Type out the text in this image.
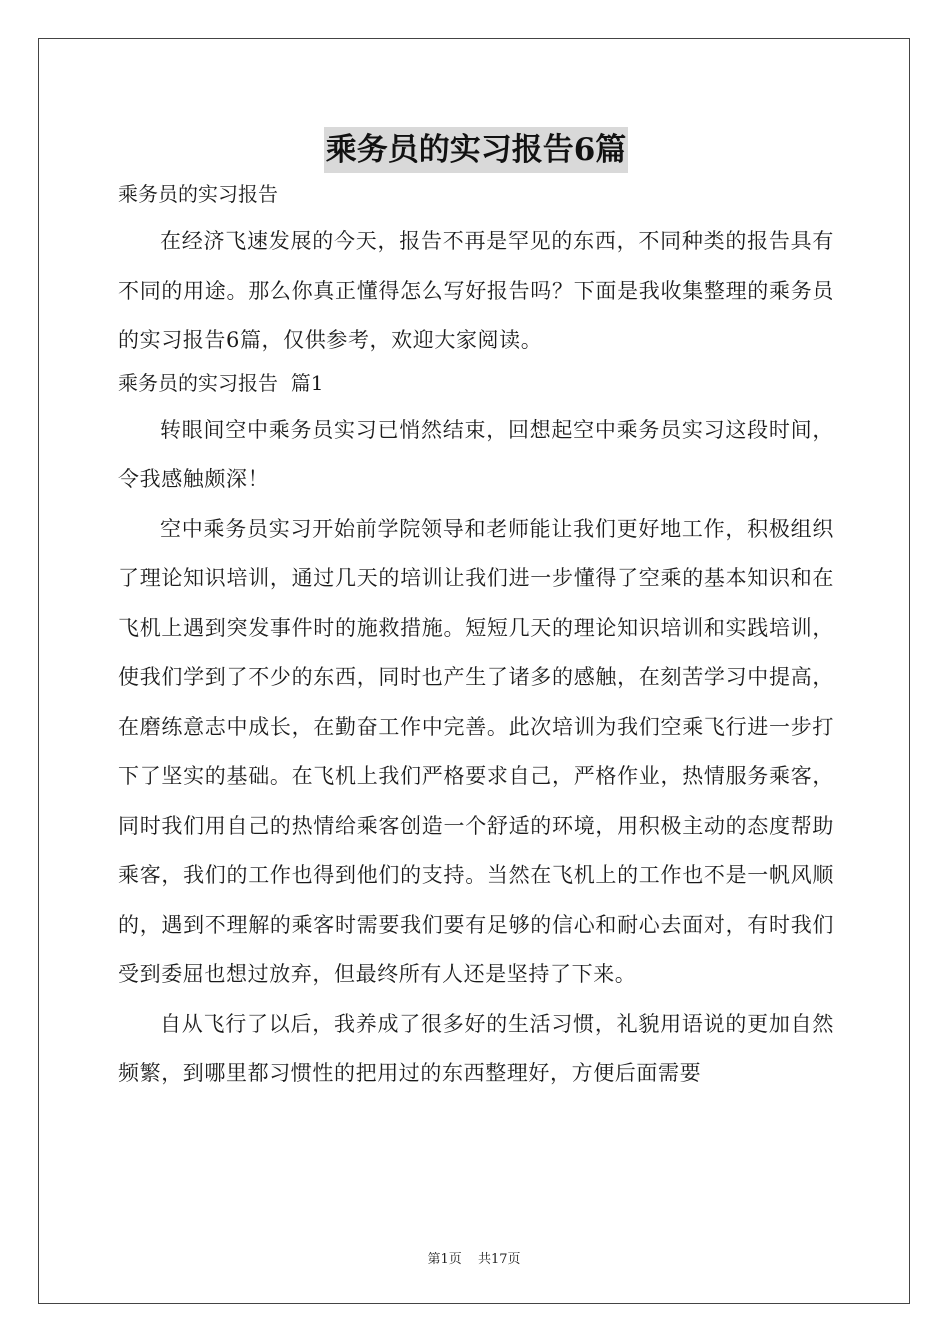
乘务员的实习报告6篇

乘务员的实习报告

在经济飞速发展的今天，报告不再是罕见的东西，不同种类的报告具有不同的用途。那么你真正懂得怎么写好报告吗？下面是我收集整理的乘务员的实习报告6篇，仅供参考，欢迎大家阅读。

乘务员的实习报告  篇1

转眼间空中乘务员实习已悄然结束，回想起空中乘务员实习这段时间，令我感触颇深！

空中乘务员实习开始前学院领导和老师能让我们更好地工作，积极组织了理论知识培训，通过几天的培训让我们进一步懂得了空乘的基本知识和在飞机上遇到突发事件时的施救措施。短短几天的理论知识培训和实践培训，使我们学到了不少的东西，同时也产生了诸多的感触，在刻苦学习中提高，在磨练意志中成长，在勤奋工作中完善。此次培训为我们空乘飞行进一步打下了坚实的基础。在飞机上我们严格要求自己，严格作业，热情服务乘客，同时我们用自己的热情给乘客创造一个舒适的环境，用积极主动的态度帮助乘客，我们的工作也得到他们的支持。当然在飞机上的工作也不是一帆风顺的，遇到不理解的乘客时需要我们要有足够的信心和耐心去面对，有时我们受到委屈也想过放弃，但最终所有人还是坚持了下来。

自从飞行了以后，我养成了很多好的生活习惯，礼貌用语说的更加自然频繁，到哪里都习惯性的把用过的东西整理好，方便后面需要

第1页 共17页
